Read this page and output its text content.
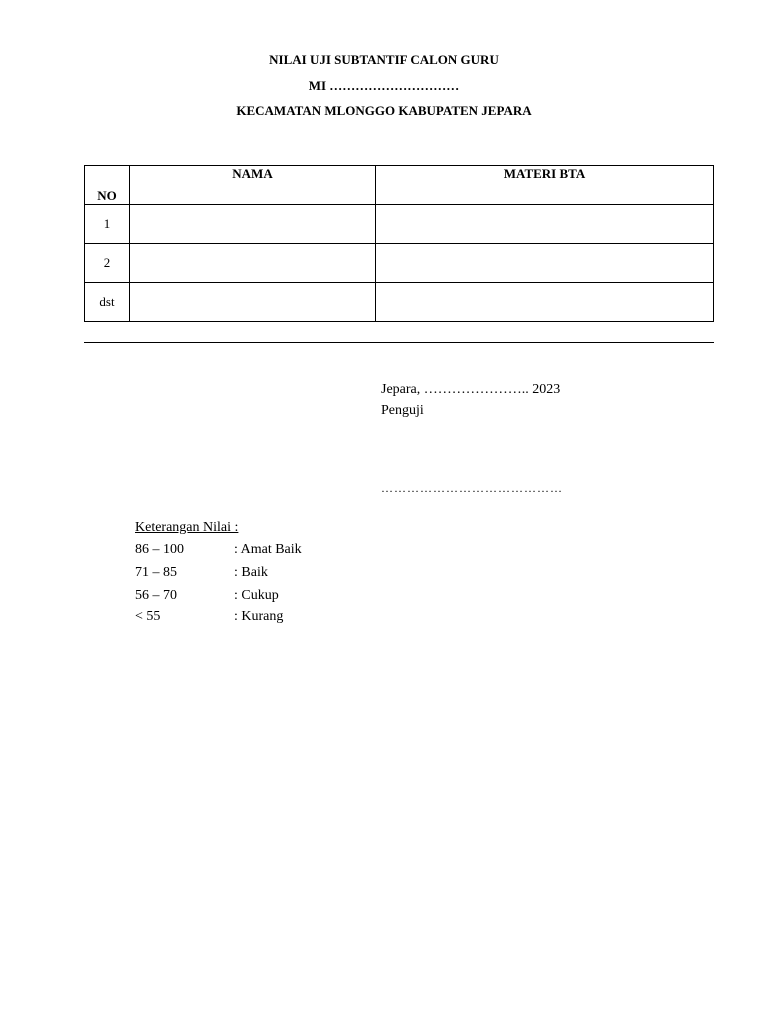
NILAI UJI SUBTANTIF CALON GURU
MI …………………………
KECAMATAN MLONGGO KABUPATEN JEPARA
NO	NAMA	MATERI BTA
1		
2		
dst		
Jepara, ………………….. 2023
Penguji
……………………………………
Keterangan Nilai :
86 – 100	: Amat Baik
71 – 85	: Baik
56 – 70	: Cukup
< 55	: Kurang
